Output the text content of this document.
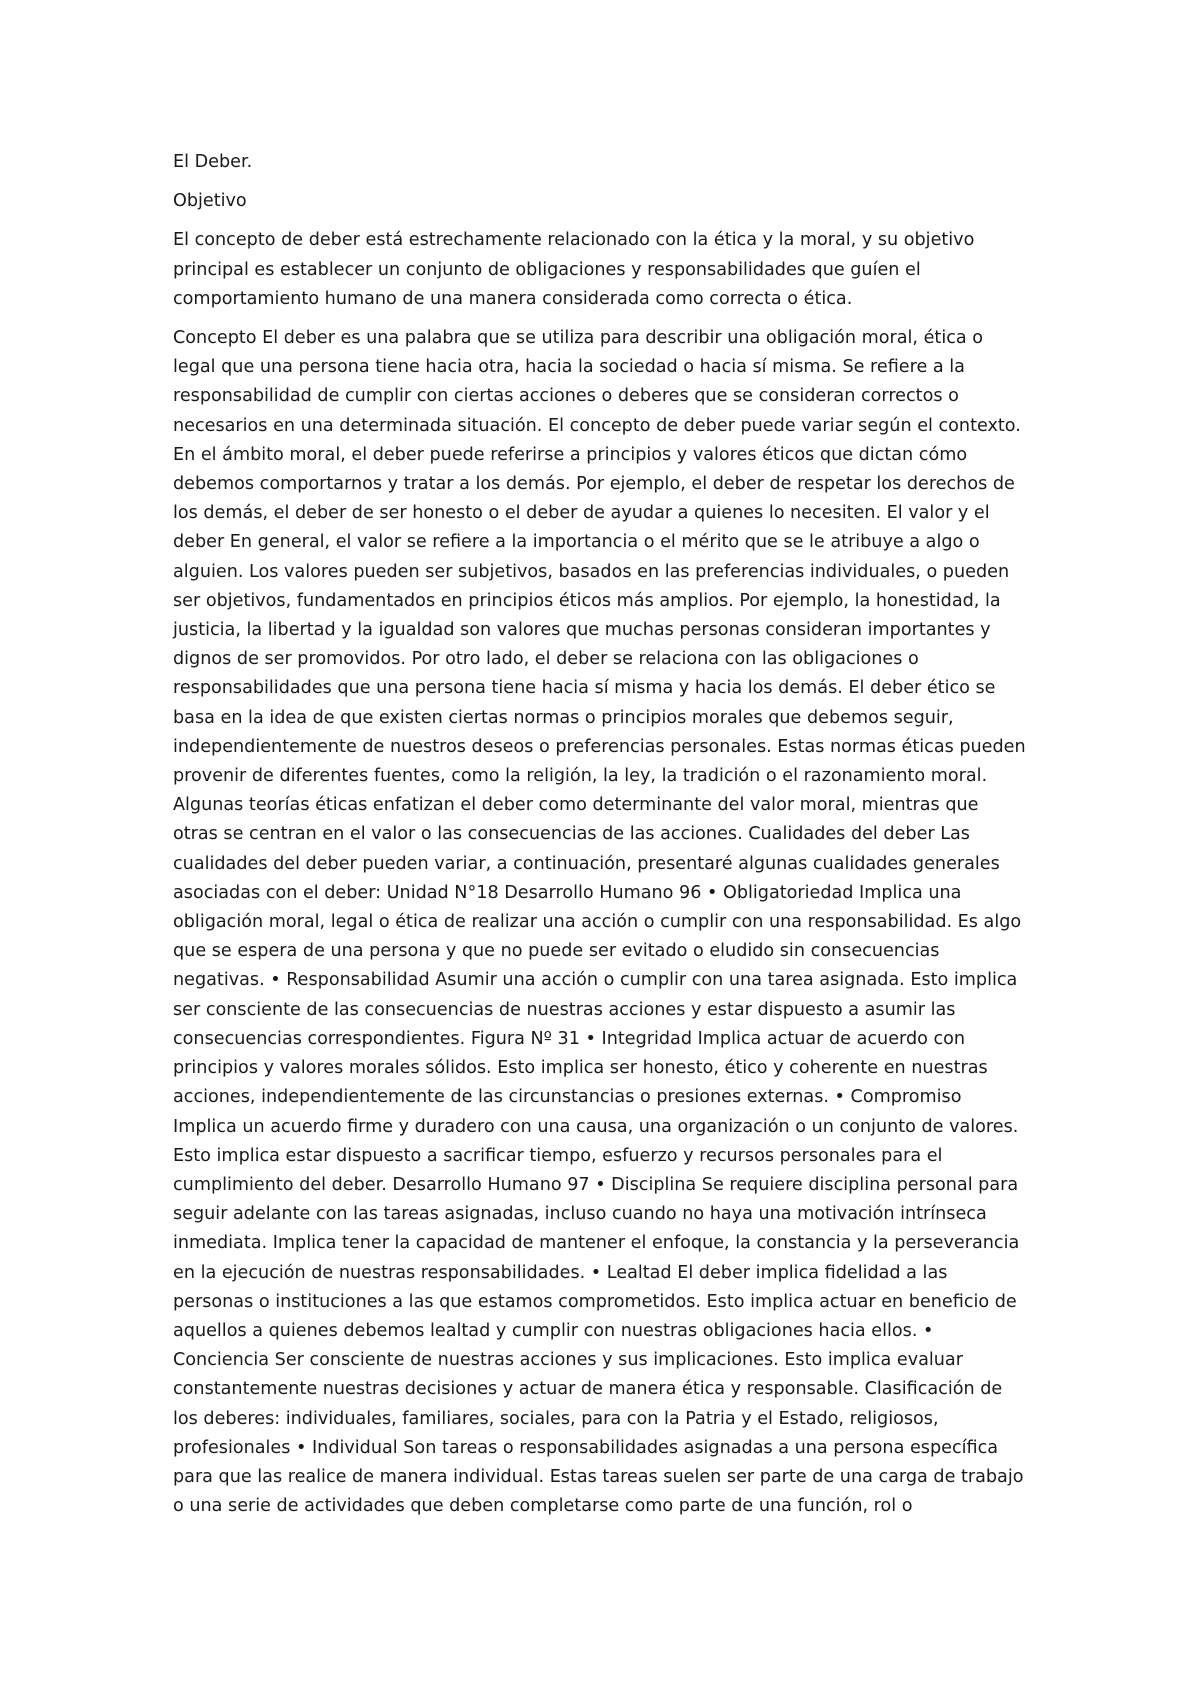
El Deber.

Objetivo

El concepto de deber está estrechamente relacionado con la ética y la moral, y su objetivo principal es establecer un conjunto de obligaciones y responsabilidades que guíen el comportamiento humano de una manera considerada como correcta o ética.

Concepto El deber es una palabra que se utiliza para describir una obligación moral, ética o legal que una persona tiene hacia otra, hacia la sociedad o hacia sí misma. Se refiere a la responsabilidad de cumplir con ciertas acciones o deberes que se consideran correctos o necesarios en una determinada situación. El concepto de deber puede variar según el contexto. En el ámbito moral, el deber puede referirse a principios y valores éticos que dictan cómo debemos comportarnos y tratar a los demás. Por ejemplo, el deber de respetar los derechos de los demás, el deber de ser honesto o el deber de ayudar a quienes lo necesiten. El valor y el deber En general, el valor se refiere a la importancia o el mérito que se le atribuye a algo o alguien. Los valores pueden ser subjetivos, basados en las preferencias individuales, o pueden ser objetivos, fundamentados en principios éticos más amplios. Por ejemplo, la honestidad, la justicia, la libertad y la igualdad son valores que muchas personas consideran importantes y dignos de ser promovidos. Por otro lado, el deber se relaciona con las obligaciones o responsabilidades que una persona tiene hacia sí misma y hacia los demás. El deber ético se basa en la idea de que existen ciertas normas o principios morales que debemos seguir, independientemente de nuestros deseos o preferencias personales. Estas normas éticas pueden provenir de diferentes fuentes, como la religión, la ley, la tradición o el razonamiento moral. Algunas teorías éticas enfatizan el deber como determinante del valor moral, mientras que otras se centran en el valor o las consecuencias de las acciones. Cualidades del deber Las cualidades del deber pueden variar, a continuación, presentaré algunas cualidades generales asociadas con el deber: Unidad N°18 Desarrollo Humano 96 • Obligatoriedad Implica una obligación moral, legal o ética de realizar una acción o cumplir con una responsabilidad. Es algo que se espera de una persona y que no puede ser evitado o eludido sin consecuencias negativas. • Responsabilidad Asumir una acción o cumplir con una tarea asignada. Esto implica ser consciente de las consecuencias de nuestras acciones y estar dispuesto a asumir las consecuencias correspondientes. Figura Nº 31 • Integridad Implica actuar de acuerdo con principios y valores morales sólidos. Esto implica ser honesto, ético y coherente en nuestras acciones, independientemente de las circunstancias o presiones externas. • Compromiso Implica un acuerdo firme y duradero con una causa, una organización o un conjunto de valores. Esto implica estar dispuesto a sacrificar tiempo, esfuerzo y recursos personales para el cumplimiento del deber. Desarrollo Humano 97 • Disciplina Se requiere disciplina personal para seguir adelante con las tareas asignadas, incluso cuando no haya una motivación intrínseca inmediata. Implica tener la capacidad de mantener el enfoque, la constancia y la perseverancia en la ejecución de nuestras responsabilidades. • Lealtad El deber implica fidelidad a las personas o instituciones a las que estamos comprometidos. Esto implica actuar en beneficio de aquellos a quienes debemos lealtad y cumplir con nuestras obligaciones hacia ellos. • Conciencia Ser consciente de nuestras acciones y sus implicaciones. Esto implica evaluar constantemente nuestras decisiones y actuar de manera ética y responsable. Clasificación de los deberes: individuales, familiares, sociales, para con la Patria y el Estado, religiosos, profesionales • Individual Son tareas o responsabilidades asignadas a una persona específica para que las realice de manera individual. Estas tareas suelen ser parte de una carga de trabajo o una serie de actividades que deben completarse como parte de una función, rol o
